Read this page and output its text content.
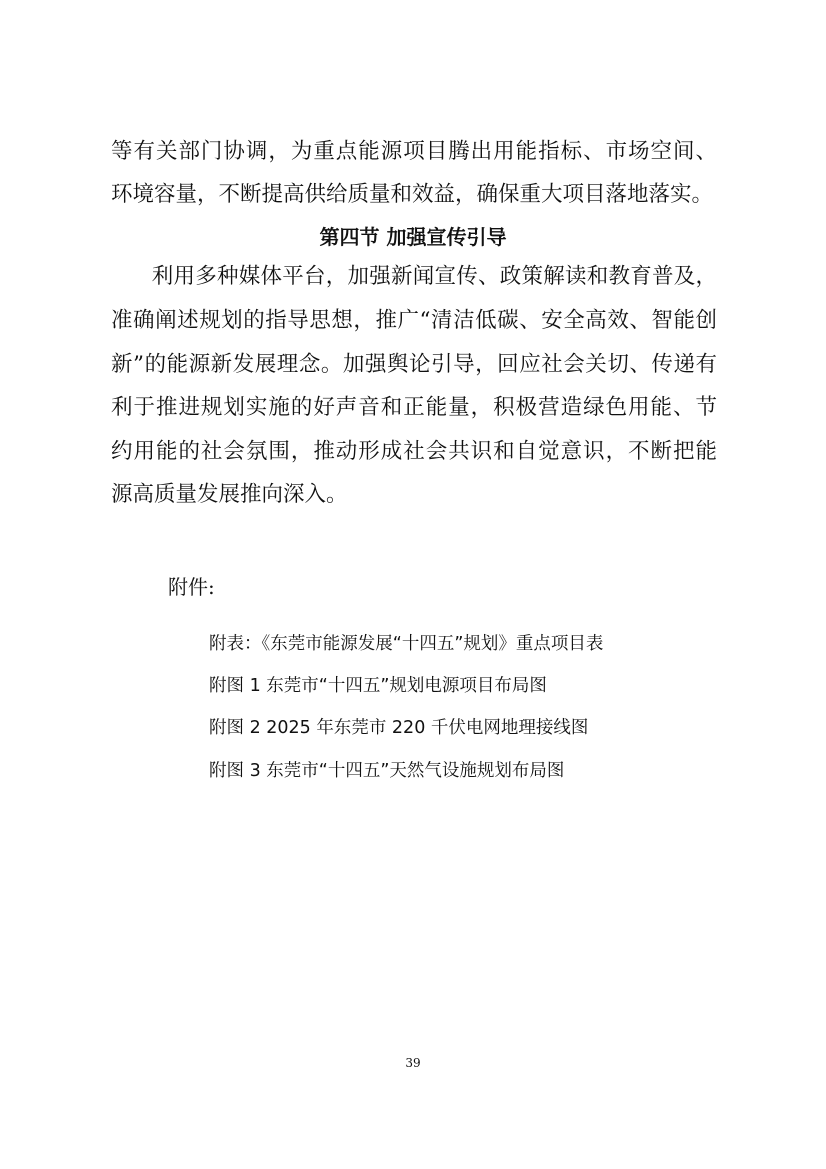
等有关部门协调，为重点能源项目腾出用能指标、市场空间、
环境容量，不断提高供给质量和效益，确保重大项目落地落实。
第四节 加强宣传引导
　利用多种媒体平台，加强新闻宣传、政策解读和教育普及，
准确阐述规划的指导思想，推广“清洁低碳、安全高效、智能创
新”的能源新发展理念。加强舆论引导，回应社会关切、传递有
利于推进规划实施的好声音和正能量，积极营造绿色用能、节
约用能的社会氛围，推动形成社会共识和自觉意识，不断把能
源高质量发展推向深入。
附件:
附表：《东莞市能源发展“十四五”规划》重点项目表
附图 1 东莞市“十四五”规划电源项目布局图
附图 2 2025 年东莞市 220 千伏电网地理接线图
附图 3 东莞市“十四五”天然气设施规划布局图
39
